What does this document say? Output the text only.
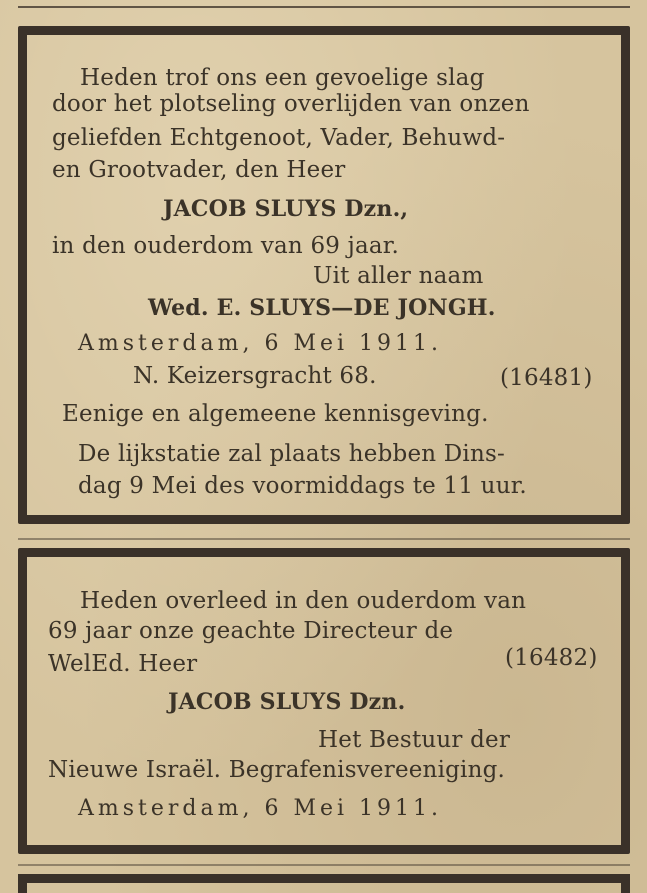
Heden trof ons een gevoelige slag
door het plotseling overlijden van onzen
geliefden Echtgenoot, Vader, Behuwd-
en Grootvader, den Heer
JACOB SLUYS Dzn.,
in den ouderdom van 69 jaar.
Uit aller naam
Wed. E. SLUYS—DE JONGH.
Amsterdam, 6 Mei 1911.
N. Keizersgracht 68.	(16481)
Eenige en algemeene kennisgeving.
De lijkstatie zal plaats hebben Dins-
dag 9 Mei des voormiddags te 11 uur.
Heden overleed in den ouderdom van
69 jaar onze geachte Directeur de
WelEd. Heer	(16482)
JACOB SLUYS Dzn.
Het Bestuur der
Nieuwe Israël. Begrafenisvereeniging.
Amsterdam, 6 Mei 1911.
